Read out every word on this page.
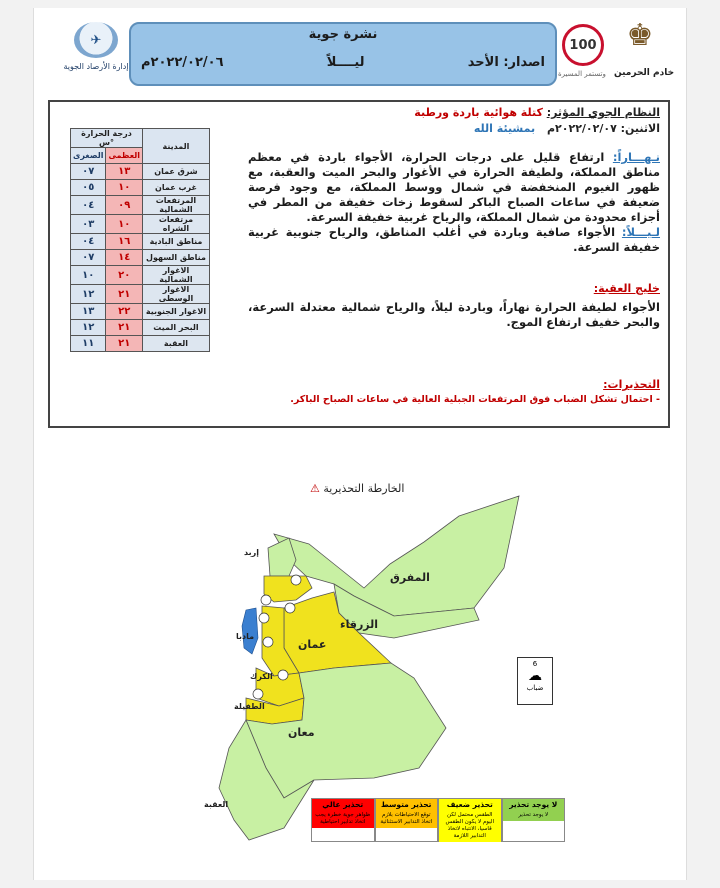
✈
إدارة الأرصاد الجوية
نشرة جوية
اصدار: الأحد
ليــــلاً
٢٠٢٢/٠٢/٠٦م
100
وتستمر المسيرة
♚
خادم الحرمين
النظام الجوي المؤثر: كتلة هوائية باردة ورطبة
الاثنين: ٢٠٢٢/٠٢/٠٧م بمشيئة الله
درجة الحرارة س°		المدينة
الصغرى	العظمى	
٠٧	١٣	شرق عمان
٠٥	١٠	غرب عمان
٠٤	٠٩	المرتفعات الشمالية
٠٣	١٠	مرتفعات الشراه
٠٤	١٦	مناطق البادية
٠٧	١٤	مناطق السهول
١٠	٢٠	الاغوار الشمالية
١٢	٢١	الاغوار الوسطى
١٣	٢٢	الاغوار الجنوبية
١٢	٢١	البحر الميت
١١	٢١	العقبة
نـهـــاراً: ارتفاع قليل على درجات الحرارة، الأجواء باردة في معظم مناطق المملكة، ولطيفة الحرارة في الأغوار والبحر الميت والعقبة، مع ظهور الغيوم المنخفضة في شمال ووسط المملكة، مع وجود فرصة ضعيفة في ساعات الصباح الباكر لسقوط زخات خفيفة من المطر في أجزاء محدودة من شمال المملكة، والرياح غربية خفيفة السرعة.
لـيـــلاً: الأجواء صافية وباردة في أغلب المناطق، والرياح جنوبية غربية خفيفة السرعة.
خليج العقبة:
الأجواء لطيفة الحرارة نهاراً، وباردة ليلاً، والرياح شمالية معتدلة السرعة، والبحر خفيف ارتفاع الموج.
التحذيرات:
- احتمال تشكل الضباب فوق المرتفعات الجبلية العالية في ساعات الصباح الباكر.
الخارطة التحذيرية ⚠
المفرق
الزرقاء
عمان
معان
العقبة
إربد
الكرك
الطفيلة
مادبا
6
☁
ضباب
لا يوجد تحذير
لا يوجد تحذير
تحذير ضعيف
الطقس محتمل لكن اليوم لا يكون الطقس قاسيا، الانتباه لاتخاذ التدابير اللازمة
تحذير متوسط
توقع الاحتياطات بلازم اتخاذ التدابير الاستثنائية
تحذير عالي
ظواهر جوية خطرة يجب اتخاذ تدابير احتياطية
